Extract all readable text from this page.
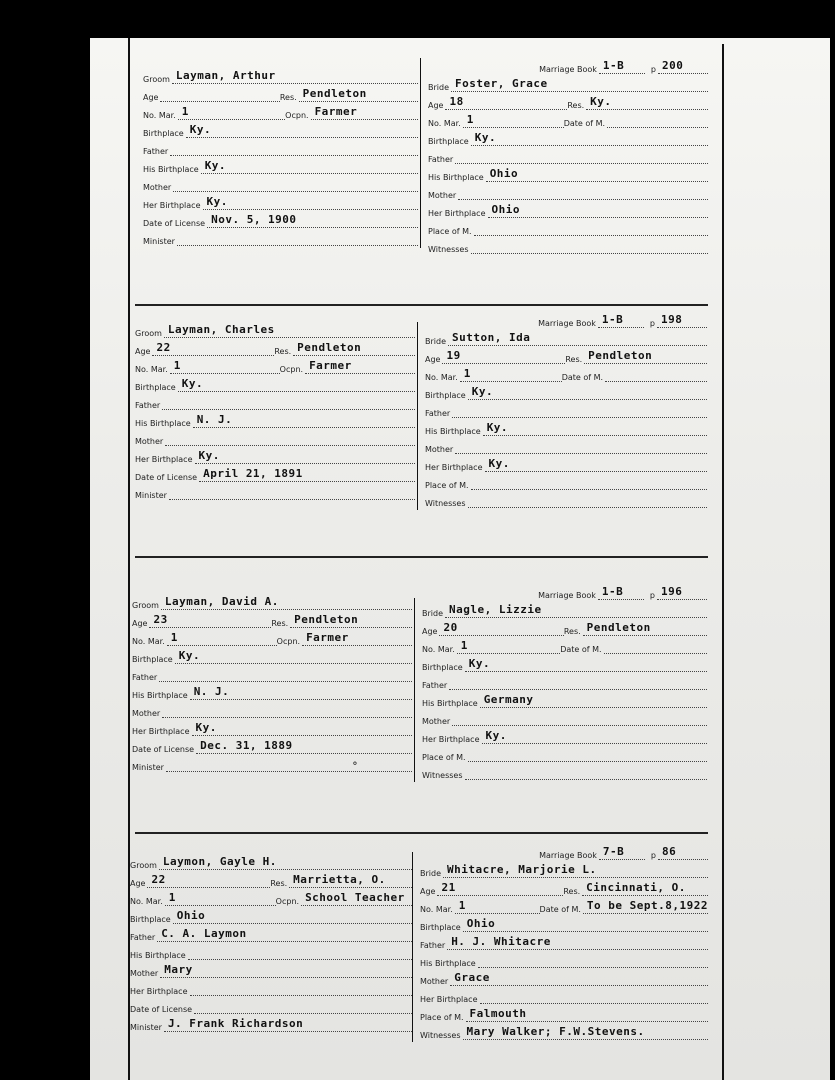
Groom Layman, Arthur
Age	Res. Pendleton
No. Mar. 1	Ocpn. Farmer
Birthplace Ky.
Father
His Birthplace Ky.
Mother
Her Birthplace Ky.
Date of License Nov. 5, 1900
Minister
Marriage Book 1-B	p 200
Bride Foster, Grace
Age 18	Res. Ky.
No. Mar. 1	Date of M.
Birthplace Ky.
Father
His Birthplace Ohio
Mother
Her Birthplace Ohio
Place of M.
Witnesses
Groom Layman, Charles
Age 22	Res. Pendleton
No. Mar. 1	Ocpn. Farmer
Birthplace Ky.
Father
His Birthplace N. J.
Mother
Her Birthplace Ky.
Date of License April 21, 1891
Minister
Marriage Book 1-B	p 198
Bride Sutton, Ida
Age 19	Res. Pendleton
No. Mar. 1	Date of M.
Birthplace Ky.
Father
His Birthplace Ky.
Mother
Her Birthplace Ky.
Place of M.
Witnesses
Groom Layman, David A.
Age 23	Res. Pendleton
No. Mar. 1	Ocpn. Farmer
Birthplace Ky.
Father
His Birthplace N. J.
Mother
Her Birthplace Ky.
Date of License Dec. 31, 1889
Minister
Marriage Book 1-B	p 196
Bride Nagle, Lizzie
Age 20	Res. Pendleton
No. Mar. 1	Date of M.
Birthplace Ky.
Father
His Birthplace Germany
Mother
Her Birthplace Ky.
Place of M.
Witnesses
Groom Laymon, Gayle H.
Age 22	Res. Marrietta, O.
No. Mar. 1	Ocpn. School Teacher
Birthplace Ohio
Father C. A. Laymon
His Birthplace
Mother Mary
Her Birthplace
Date of License
Minister J. Frank Richardson
Marriage Book 7-B	p 86
Bride Whitacre, Marjorie L.
Age 21	Res. Cincinnati, O.
No. Mar. 1	Date of M. To be Sept.8,1922
Birthplace Ohio
Father H. J. Whitacre
His Birthplace
Mother Grace
Her Birthplace
Place of M. Falmouth
Witnesses Mary Walker; F.W.Stevens.
∘
